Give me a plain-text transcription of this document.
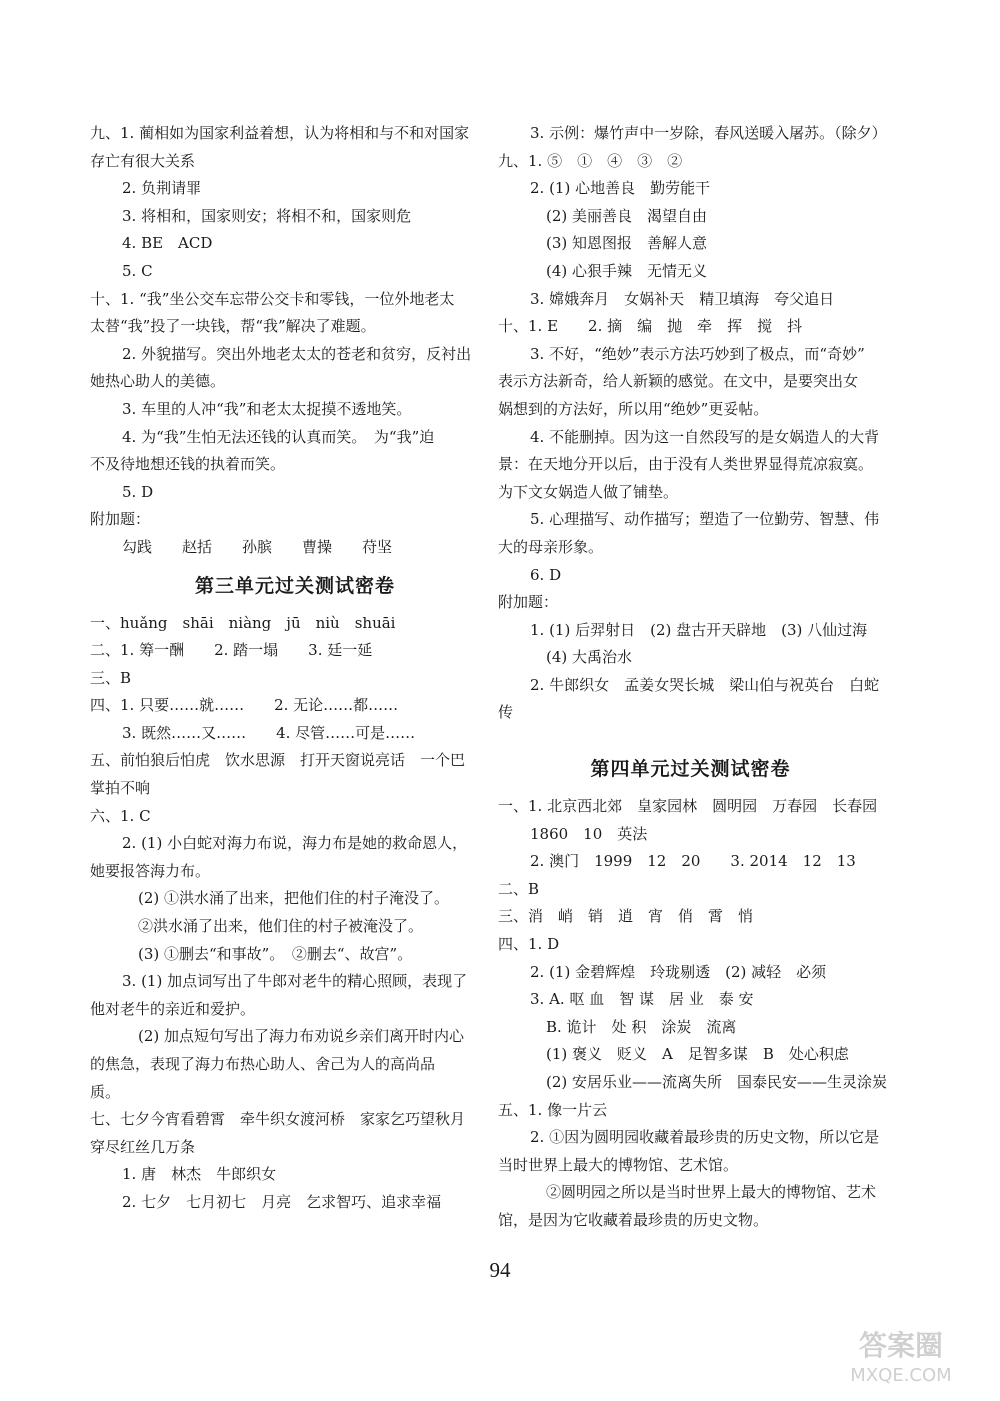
九、1. 蔺相如为国家利益着想，认为将相和与不和对国家
存亡有很大关系
2. 负荆请罪
3. 将相和，国家则安；将相不和，国家则危
4. BE　ACD
5. C
十、1. “我”坐公交车忘带公交卡和零钱，一位外地老太
太替“我”投了一块钱，帮“我”解决了难题。
2. 外貌描写。突出外地老太太的苍老和贫穷，反衬出
她热心助人的美德。
3. 车里的人冲“我”和老太太捉摸不透地笑。
4. 为“我”生怕无法还钱的认真而笑。　为“我”迫
不及待地想还钱的执着而笑。
5. D
附加题：
勾践　　赵括　　孙膑　　曹操　　苻坚
第三单元过关测试密卷
一、huǎng　shāi　niàng　jū　niù　shuāi
二、1. 筹一酬　　2. 踏一塌　　3. 廷一延
三、B
四、1. 只要……就……　　2. 无论……都……
3. 既然……又……　　4. 尽管……可是……
五、前怕狼后怕虎　饮水思源　打开天窗说亮话　一个巴
掌拍不响
六、1. C
2. (1) 小白蛇对海力布说，海力布是她的救命恩人，
她要报答海力布。
(2) ①洪水涌了出来，把他们住的村子淹没了。
②洪水涌了出来，他们住的村子被淹没了。
(3) ①删去“和事故”。　②删去“、故宫”。
3. (1) 加点词写出了牛郎对老牛的精心照顾，表现了
他对老牛的亲近和爱护。
(2) 加点短句写出了海力布劝说乡亲们离开时内心
的焦急，表现了海力布热心助人、舍己为人的高尚品
质。
七、七夕今宵看碧霄　牵牛织女渡河桥　家家乞巧望秋月
穿尽红丝几万条
1. 唐　林杰　牛郎织女
2. 七夕　七月初七　月亮　乞求智巧、追求幸福
3. 示例：爆竹声中一岁除，春风送暖入屠苏。（除夕）
九、1. ⑤　①　④　③　②
2. (1) 心地善良　勤劳能干
(2) 美丽善良　渴望自由
(3) 知恩图报　善解人意
(4) 心狠手辣　无情无义
3. 嫦娥奔月　女娲补天　精卫填海　夸父追日
十、1. E　　2. 摘　编　抛　牵　挥　搅　抖
3. 不好，“绝妙”表示方法巧妙到了极点，而“奇妙”
表示方法新奇，给人新颖的感觉。在文中，是要突出女
娲想到的方法好，所以用“绝妙”更妥帖。
4. 不能删掉。因为这一自然段写的是女娲造人的大背
景：在天地分开以后，由于没有人类世界显得荒凉寂寞。
为下文女娲造人做了铺垫。
5. 心理描写、动作描写；塑造了一位勤劳、智慧、伟
大的母亲形象。
6. D
附加题：
1. (1) 后羿射日　(2) 盘古开天辟地　(3) 八仙过海
(4) 大禹治水
2. 牛郎织女　孟姜女哭长城　梁山伯与祝英台　白蛇
传
第四单元过关测试密卷
一、1. 北京西北郊　皇家园林　圆明园　万春园　长春园
1860　10　英法
2. 澳门　1999　12　20　　3. 2014　12　13
二、B
三、消　峭　销　逍　宵　俏　霄　悄
四、1. D
2. (1) 金碧辉煌　玲珑剔透　(2) 减轻　必须
3. A. 呕 血　智 谋　居 业　泰 安
B. 诡计　处 积　涂炭　流离
(1) 褒义　贬义　A　足智多谋　B　处心积虑
(2) 安居乐业——流离失所　国泰民安——生灵涂炭
五、1. 像一片云
2. ①因为圆明园收藏着最珍贵的历史文物，所以它是
当时世界上最大的博物馆、艺术馆。
②圆明园之所以是当时世界上最大的博物馆、艺术
馆，是因为它收藏着最珍贵的历史文物。
94
答案圈
MXQE.COM
